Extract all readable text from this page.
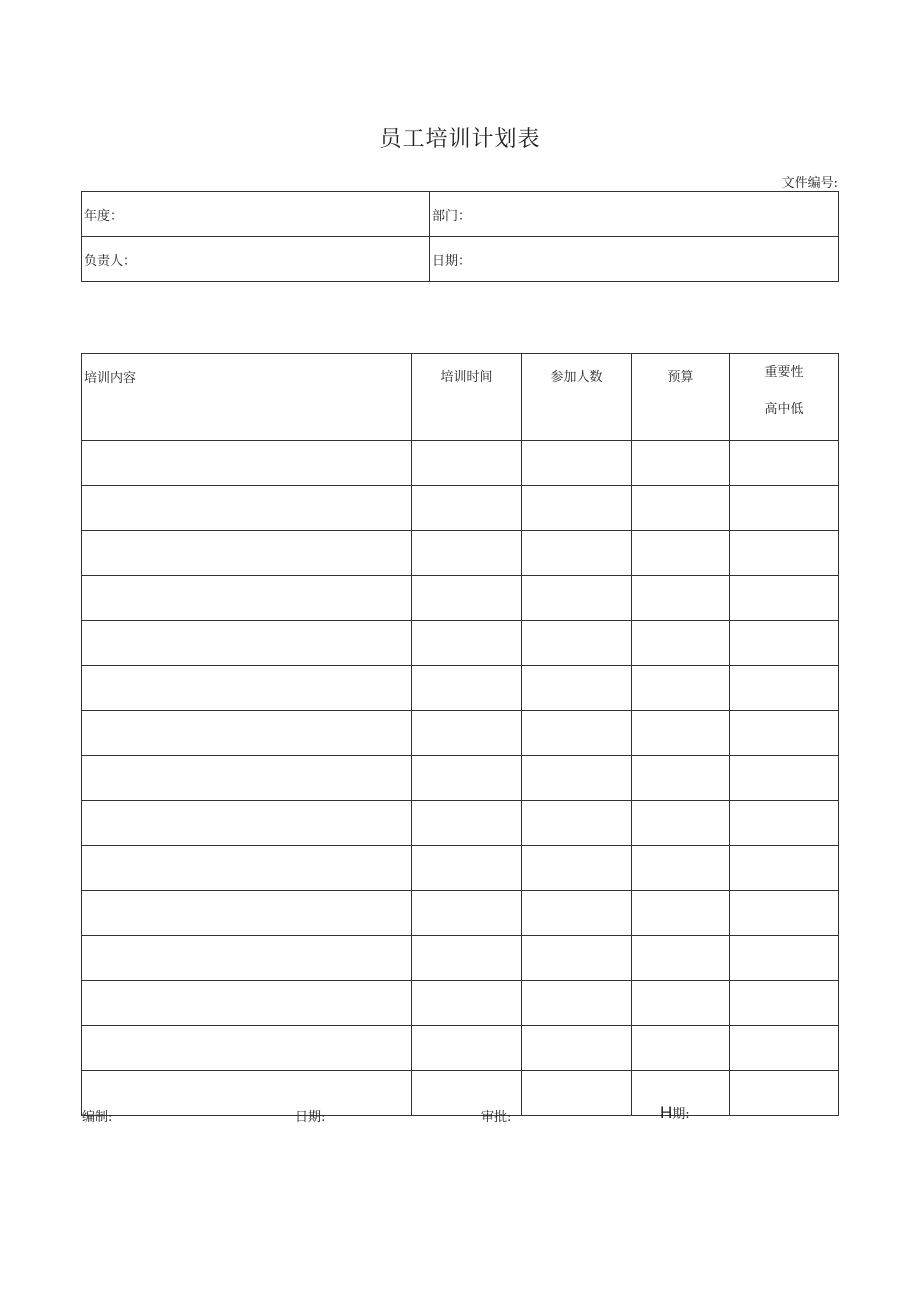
员工培训计划表
文件编号:
年度：	部门：
负责人：	日期：
培训内容	培训时间	参加人数	预算	重要性
高中低

编制:	日期:	审批:	H期:
